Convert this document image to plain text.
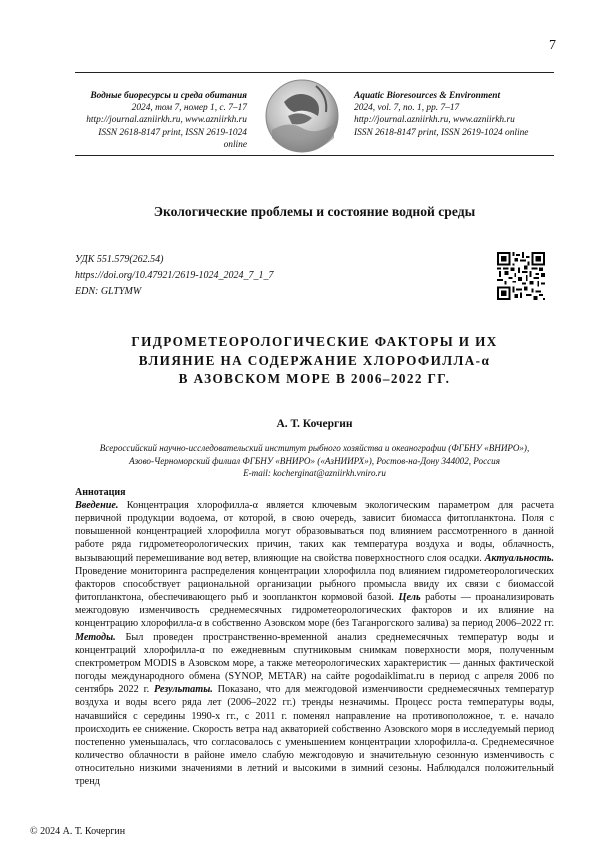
7
Водные биоресурсы и среда обитания
2024, том 7, номер 1, с. 7–17
http://journal.azniirkh.ru, www.azniirkh.ru
ISSN 2618-8147 print, ISSN 2619-1024 online
Aquatic Bioresources & Environment
2024, vol. 7, no. 1, pp. 7–17
http://journal.azniirkh.ru, www.azniirkh.ru
ISSN 2618-8147 print, ISSN 2619-1024 online
Экологические проблемы и состояние водной среды
УДК 551.579(262.54)
https://doi.org/10.47921/2619-1024_2024_7_1_7
EDN: GLTYMW
ГИДРОМЕТЕОРОЛОГИЧЕСКИЕ ФАКТОРЫ И ИХ
ВЛИЯНИЕ НА СОДЕРЖАНИЕ ХЛОРОФИЛЛА-α
В АЗОВСКОМ МОРЕ В 2006–2022 ГГ.
А. Т. Кочергин
Всероссийский научно-исследовательский институт рыбного хозяйства и океанографии (ФГБНУ «ВНИРО»),
Азово-Черноморский филиал ФГБНУ «ВНИРО» («АзНИИРХ»), Ростов-на-Дону 344002, Россия
E-mail: kocherginat@azniirkh.vniro.ru
Аннотация

Введение. Концентрация хлорофилла-α является ключевым экологическим параметром для расчета первичной продукции водоема, от которой, в свою очередь, зависит биомасса фитопланктона. Поля с повышенной концентрацией хлорофилла могут образовываться под влиянием рассмотренного в данной работе ряда гидрометеорологических причин, таких как температура воздуха и воды, облачность, вызывающий перемешивание вод ветер, влияющие на свойства поверхностного слоя осадки. Актуальность. Проведение мониторинга распределения концентрации хлорофилла под влиянием гидрометеорологических факторов способствует рациональной организации рыбного промысла ввиду их связи с биомассой фитопланктона, обеспечивающего рыб и зоопланктон кормовой базой. Цель работы — проанализировать межгодовую изменчивость среднемесячных гидрометеорологических факторов и их влияние на концентрацию хлорофилла-α в собственно Азовском море (без Таганрогского залива) за период 2006–2022 гг. Методы. Был проведен пространственно-временной анализ среднемесячных температур воды и концентраций хлорофилла-α по ежедневным спутниковым снимкам поверхности моря, полученным спектрометром MODIS в Азовском море, а также метеорологических характеристик — данных фактической погоды международного обмена (SYNOP, METAR) на сайте pogodaiklimat.ru в период с апреля 2006 по сентябрь 2022 г. Результаты. Показано, что для межгодовой изменчивости среднемесячных температур воздуха и воды всего ряда лет (2006–2022 гг.) тренды незначимы. Процесс роста температуры воды, начавшийся с середины 1990-х гг., с 2011 г. поменял направление на противоположное, т. е. начало происходить ее снижение. Скорость ветра над акваторией собственно Азовского моря в исследуемый период постепенно уменьшалась, что согласовалось с уменьшением концентрации хлорофилла-α. Среднемесячное количество облачности в районе имело слабую межгодовую и значительную сезонную изменчивость с относительно низкими значениями в летний и высокими в зимний сезоны. Наблюдался положительный тренд

© 2024 А. Т. Кочергин
